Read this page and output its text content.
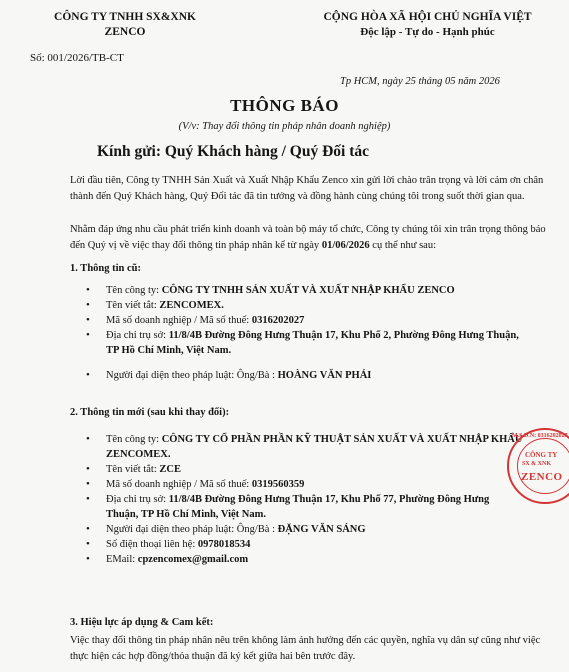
CÔNG TY TNHH SX&XNK
ZENCO
CỘNG HÒA XÃ HỘI CHỦ NGHĨA VIỆT
Độc lập - Tự do - Hạnh phúc
Số: 001/2026/TB-CT
Tp HCM, ngày 25 tháng 05 năm 2026
THÔNG BÁO
(V/v: Thay đổi thông tin pháp nhân doanh nghiệp)
Kính gửi: Quý Khách hàng / Quý Đối tác

Lời đầu tiên, Công ty TNHH Sản Xuất và Xuất Nhập Khẩu Zenco xin gửi lời chào trân trọng và lời cảm ơn chân thành đến Quý Khách hàng, Quý Đối tác đã tin tưởng và đồng hành cùng chúng tôi trong suốt thời gian qua.

Nhằm đáp ứng nhu cầu phát triển kinh doanh và toàn bộ máy tổ chức, Công ty chúng tôi xin trân trọng thông báo đến Quý vị về việc thay đổi thông tin pháp nhân kể từ ngày 01/06/2026 cụ thể như sau:

1. Thông tin cũ:
• Tên công ty: CÔNG TY TNHH SẢN XUẤT VÀ XUẤT NHẬP KHẨU ZENCO
• Tên viết tắt: ZENCOMEX.
• Mã số doanh nghiệp / Mã số thuế: 0316202027
• Địa chỉ trụ sở: 11/8/4B Đường Đông Hưng Thuận 17, Khu Phố 2, Phường Đông Hưng Thuận, TP Hồ Chí Minh, Việt Nam.
• Người đại diện theo pháp luật: Ông/Bà : HOÀNG VĂN PHÁI
2. Thông tin mới (sau khi thay đổi):
• Tên công ty: CÔNG TY CỔ PHẦN PHẦN KỸ THUẬT SẢN XUẤT VÀ XUẤT NHẬP KHẨU ZENCOMEX.
• Tên viết tắt: ZCE
• Mã số doanh nghiệp / Mã số thuế: 0319560359
• Địa chỉ trụ sở: 11/8/4B Đường Đông Hưng Thuận 17, Khu Phố 77, Phường Đông Hưng Thuận, TP Hồ Chí Minh, Việt Nam.
• Người đại diện theo pháp luật: Ông/Bà : ĐẶNG VĂN SÁNG
• Số điện thoại liên hệ: 0978018534
• EMail: cpzencomex@gmail.com
M.S.D.N: 0316202027
CÔNG TY
SX & XNK
ZENCO
3. Hiệu lực áp dụng & Cam kết:

Việc thay đổi thông tin pháp nhân nêu trên không làm ảnh hưởng đến các quyền, nghĩa vụ dân sự cũng như việc thực hiện các hợp đồng/thỏa thuận đã ký kết giữa hai bên trước đây.
